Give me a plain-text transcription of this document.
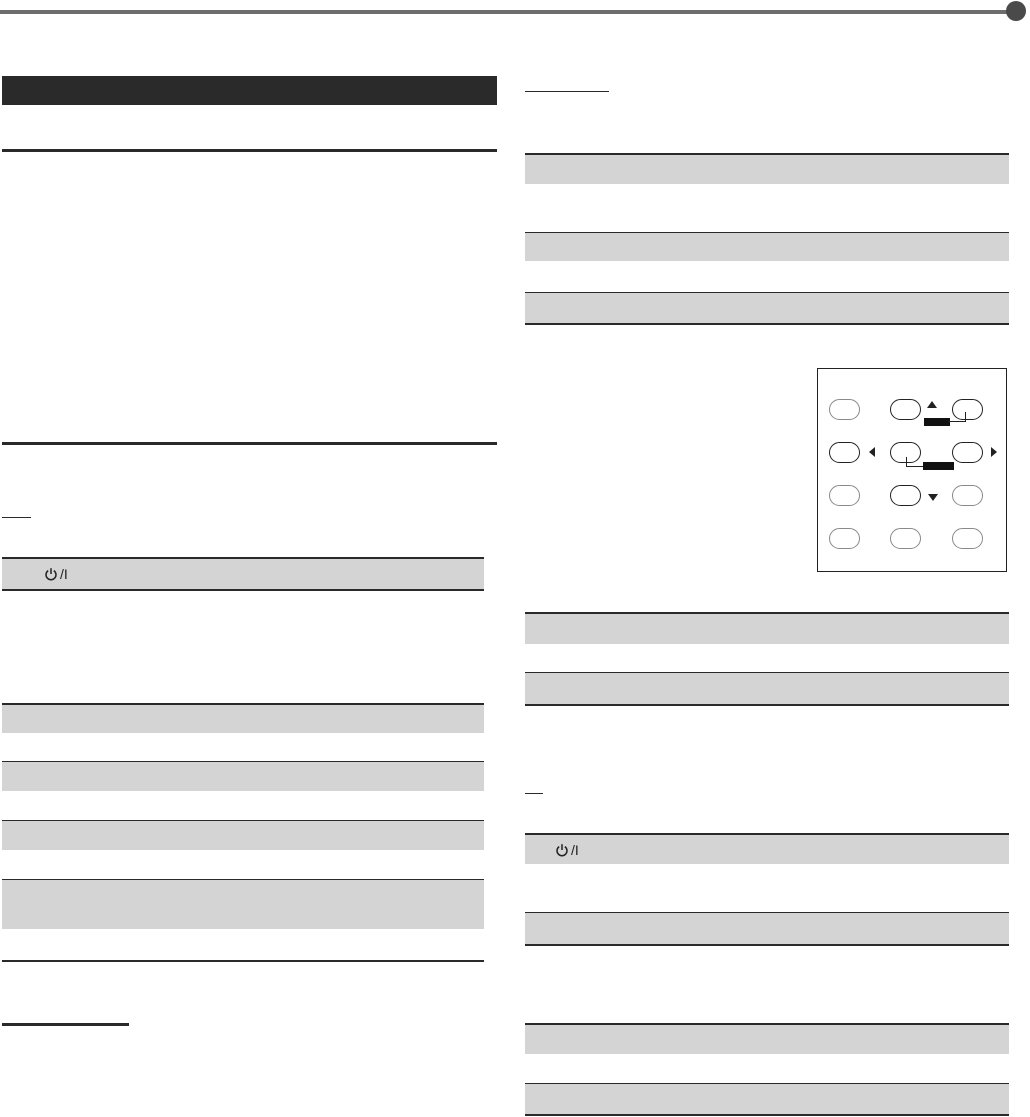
/I
/I
